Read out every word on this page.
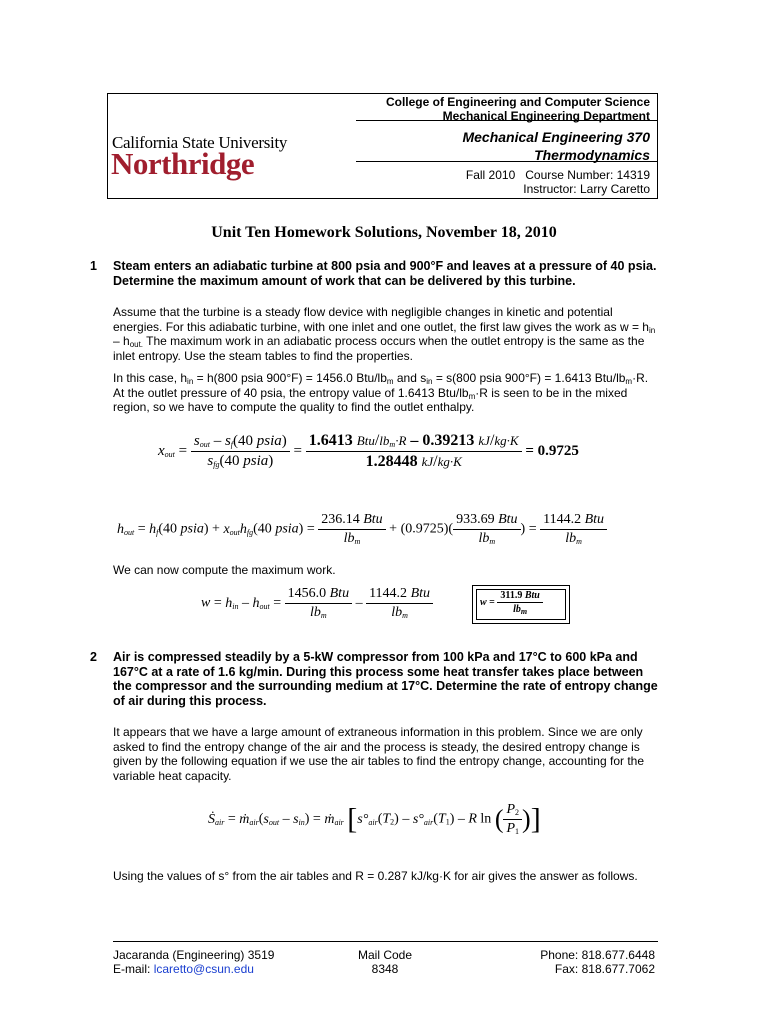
California State University
Northridge
College of Engineering and Computer Science
Mechanical Engineering Department
Mechanical Engineering 370
Thermodynamics
Fall 2010   Course Number: 14319
Instructor: Larry Caretto
Unit Ten Homework Solutions, November 18, 2010
1 Steam enters an adiabatic turbine at 800 psia and 900°F and leaves at a pressure of 40 psia. Determine the maximum amount of work that can be delivered by this turbine.
Assume that the turbine is a steady flow device with negligible changes in kinetic and potential energies. For this adiabatic turbine, with one inlet and one outlet, the first law gives the work as $w = h_{in} - h_{out.}$ The maximum work in an adiabatic process occurs when the outlet entropy is the same as the inlet entropy. Use the steam tables to find the properties.
In this case, $h_{in} = h(800$ psia 900°F) = 1456.0 Btu/$lb_m$ and $s_{in} = s(800$ psia 900°F) = 1.6413 Btu/$lb_m\cdot R$. At the outlet pressure of 40 psia, the entropy value of 1.6413 Btu/$lb_m\cdot R$ is seen to be in the mixed region, so we have to compute the quality to find the outlet enthalpy.
$x_{out} = \frac{s_{out} - s_f(40 psia)}{s_{fg}(40 psia)} = \frac{1.6413 Btu/lb_m\cdot R - 0.39213 kJ/kg\cdot K}{1.28448 kJ/kg\cdot K} = 0.9725$
$h_{out} = h_f(40$ psia) + $x_{out}h_{fg}(40$ psia) = $\frac{\text{236.14 Btu}}{lb_m} + (0.9725)( \frac{\text{933.69 Btu}}{lb_m}$ ) = $\frac{\text{1144.2 Btu}}{lb_m}$
We can now compute the maximum work.
$w = h_{in} - h_{out} = \frac{\text{1456.0 Btu}}{lb_m} - \frac{\text{1144.2 Btu}}{lb_m}$	$w = \frac{\text{311.9 Btu}}{lb_m}$
2 Air is compressed steadily by a 5-kW compressor from 100 kPa and 17°C to 600 kPa and 167°C at a rate of 1.6 kg/min. During this process some heat transfer takes place between the compressor and the surrounding medium at 17°C. Determine the rate of entropy change of air during this process.
It appears that we have a large amount of extraneous information in this problem. Since we are only asked to find the entropy change of the air and the process is steady, the desired entropy change is given by the following equation if we use the air tables to find the entropy change, accounting for the variable heat capacity.
Ṡ$_{air}$ = $ṁ_{air}(s_{out} - s_{in})$ = ṁ$_{air}$ [$s^\circ_{air}(T_2) - s^\circ_{air}(T_1)$ – R ln ( $\frac{P_2}{P_1}$ )]
Using the values of s° from the air tables and R = 0.287 kJ/kg·K for air gives the answer as follows.
Jacaranda (Engineering) 3519
E-mail: lcaretto@csun.edu
Mail Code
8348
Phone: 818.677.6448
Fax: 818.677.7062
